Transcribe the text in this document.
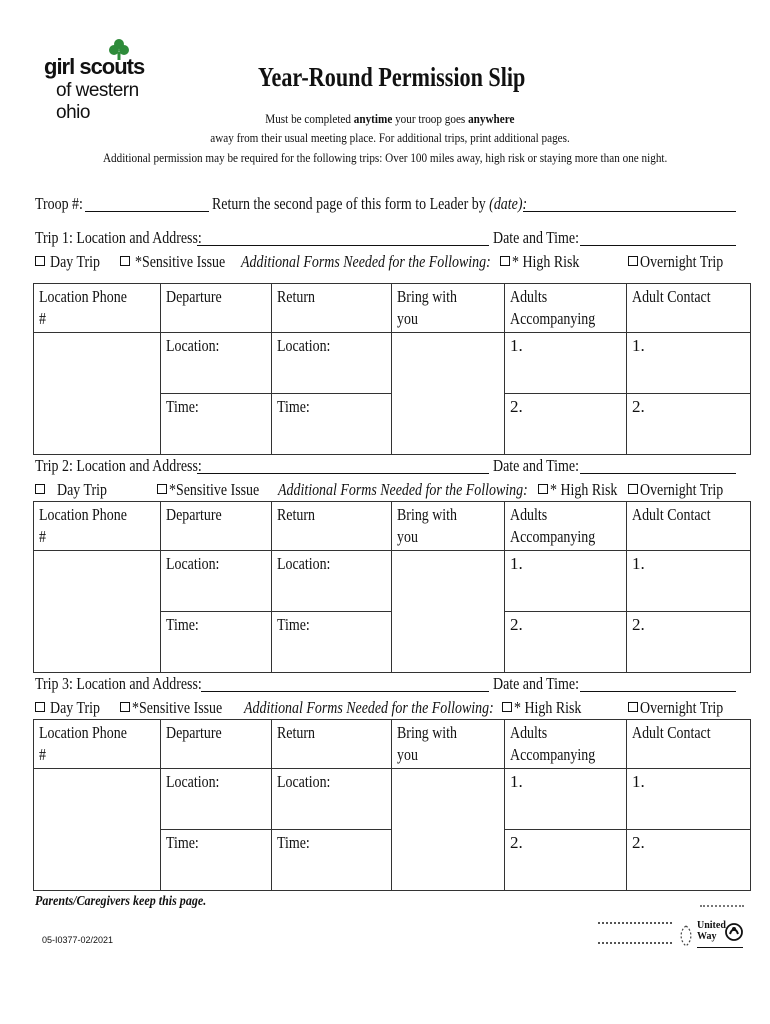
girl scouts
of western ohio
Year-Round Permission Slip
Must be completed anytime your troop goes anywhere
away from their usual meeting place. For additional trips, print additional pages.
Additional permission may be required for the following trips: Over 100 miles away, high risk or staying more than one night.
Troop #:	Return the second page of this form to Leader by (date):
Trip 1: Location and Address:	Date and Time:
Day Trip	*Sensitive Issue Additional Forms Needed for the Following:	* High Risk	Overnight Trip
Location Phone #	Departure	Return	Bring with you	Adults Accompanying	Adult Contact
	Location:	Location:		1.	1.
	Time:	Time:		2.	2.
Trip 2: Location and Address:	Date and Time:
Day Trip	*Sensitive Issue	Additional Forms Needed for the Following:	* High Risk	Overnight Trip
Location Phone #	Departure	Return	Bring with you	Adults Accompanying	Adult Contact
	Location:	Location:		1.	1.
	Time:	Time:		2.	2.
Trip 3: Location and Address:	Date and Time:
Day Trip	*Sensitive Issue	Additional Forms Needed for the Following:	* High Risk	Overnight Trip
Location Phone #	Departure	Return	Bring with you	Adults Accompanying	Adult Contact
	Location:	Location:		1.	1.
	Time:	Time:		2.	2.
Parents/Caregivers keep this page.
05-I0377-02/2021
United Way
